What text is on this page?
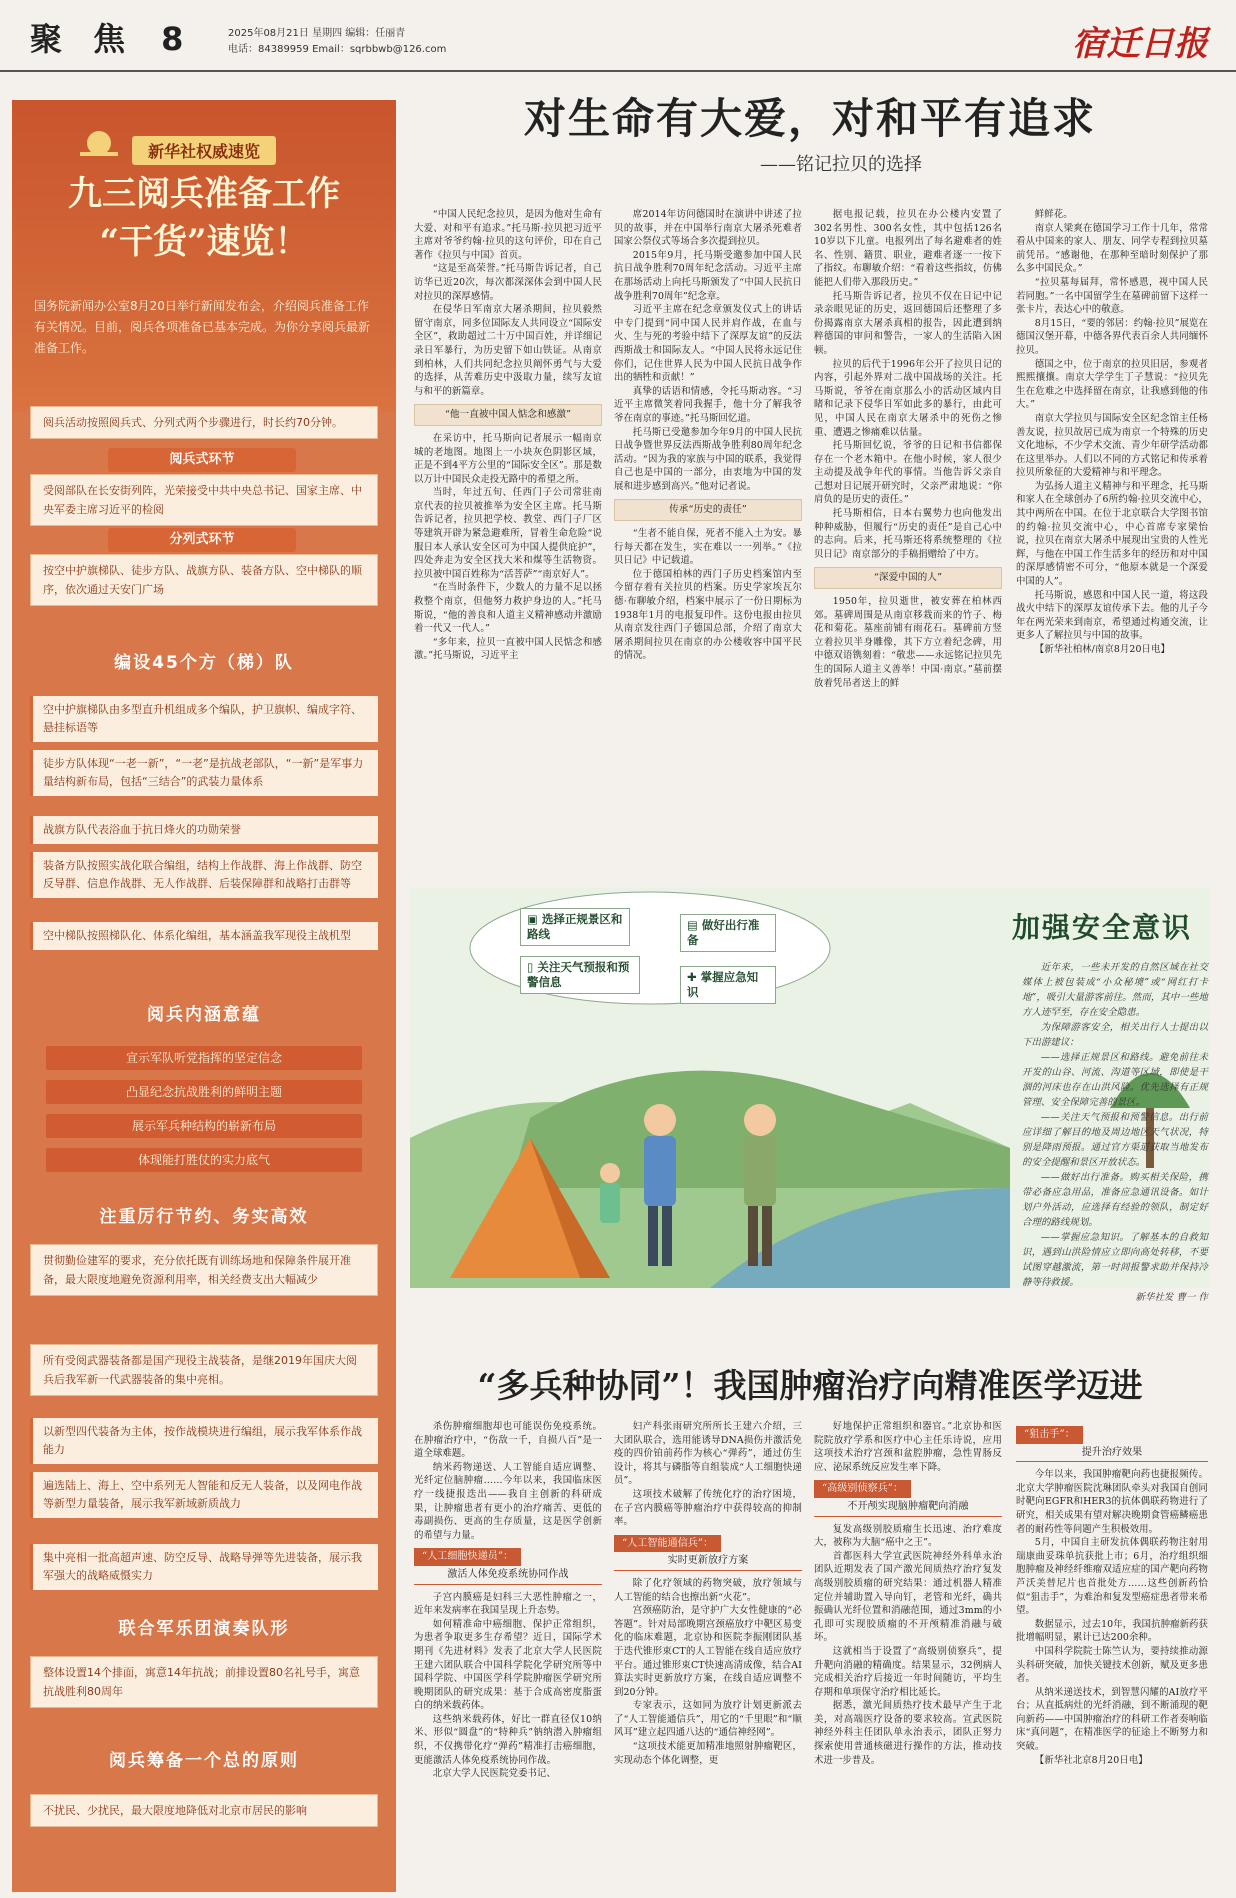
聚 焦 8	2025年08月21日 星期四 编辑：任丽青
电话：84389959 Email：sqrbbwb@126.com	宿迁日报
新华社权威速览
九三阅兵准备工作
“干货”速览！
国务院新闻办公室8月20日举行新闻发布会，介绍阅兵准备工作有关情况。目前，阅兵各项准备已基本完成。为你分享阅兵最新准备工作。
阅兵活动按照阅兵式、分列式两个步骤进行，时长约70分钟。
阅兵式环节
受阅部队在长安街列阵，光荣接受中共中央总书记、国家主席、中央军委主席习近平的检阅
分列式环节
按空中护旗梯队、徒步方队、战旗方队、装备方队、空中梯队的顺序，依次通过天安门广场
编设45个方（梯）队
空中护旗梯队由多型直升机组成多个编队，护卫旗帜、编成字符、悬挂标语等
徒步方队体现“一老一新”，“一老”是抗战老部队，“一新”是军事力量结构新布局，包括“三结合”的武装力量体系
战旗方队代表浴血于抗日烽火的功勋荣誉
装备方队按照实战化联合编组，结构上作战群、海上作战群、防空反导群、信息作战群、无人作战群、后装保障群和战略打击群等
空中梯队按照梯队化、体系化编组，基本涵盖我军现役主战机型
阅兵内涵意蕴
宣示军队听党指挥的坚定信念
凸显纪念抗战胜利的鲜明主题
展示军兵种结构的崭新布局
体现能打胜仗的实力底气
注重厉行节约、务实高效
贯彻勤俭建军的要求，充分依托既有训练场地和保障条件展开准备，最大限度地避免资源利用率，相关经费支出大幅减少
所有受阅武器装备都是国产现役主战装备，是继2019年国庆大阅兵后我军新一代武器装备的集中亮相。
以新型四代装备为主体，按作战模块进行编组，展示我军体系作战能力
遍选陆上、海上、空中系列无人智能和反无人装备，以及网电作战等新型力量装备，展示我军新域新质战力
集中亮相一批高超声速、防空反导、战略导弹等先进装备，展示我军强大的战略威慑实力
联合军乐团演奏队形
整体设置14个排面，寓意14年抗战；前排设置80名礼号手，寓意抗战胜利80周年
阅兵筹备一个总的原则
不扰民、少扰民，最大限度地降低对北京市居民的影响
对生命有大爱，对和平有追求
——铭记拉贝的选择

“中国人民纪念拉贝，是因为他对生命有大爱、对和平有追求。”托马斯·拉贝把习近平主席对爷爷约翰·拉贝的这句评价，印在自己著作《拉贝与中国》首页。

“这是至高荣誉。”托马斯告诉记者，自己访华已近20次，每次都深深体会到中国人民对拉贝的深厚感情。

在侵华日军南京大屠杀期间，拉贝毅然留守南京，同多位国际友人共同设立“国际安全区”，救助超过二十万中国百姓，并详细记录日军暴行，为历史留下如山铁证。从南京到柏林，人们共同纪念拉贝阐怀勇气与大爱的选择，从苦难历史中汲取力量，续写友谊与和平的新篇章。

“他一直被中国人惦念和感激”

在采访中，托马斯向记者展示一幅南京城的老地图。地图上一小块灰色阴影区域，正是不到4平方公里的“国际安全区”。那是数以万计中国民众走投无路中的希望之所。

当时，年过五旬、任西门子公司常驻南京代表的拉贝被推举为安全区主席。托马斯告诉记者，拉贝把学校、教堂、西门子厂区等建筑开辟为紧急避难所，冒着生命危险“说服日本人承认安全区可为中国人提供庇护”，四处奔走为安全区找大米和煤等生活物资。拉贝被中国百姓称为“活菩萨”“南京好人”。

“在当时条件下，少数人的力量不足以拯救整个南京，但他努力救护身边的人。”托马斯说，“他的善良和人道主义精神感动并激励着一代又一代人。”

“多年来，拉贝一直被中国人民惦念和感激。”托马斯说，习近平主

席2014年访问德国时在演讲中讲述了拉贝的故事，并在中国举行南京大屠杀死难者国家公祭仪式等场合多次提到拉贝。

2015年9月，托马斯受邀参加中国人民抗日战争胜利70周年纪念活动。习近平主席在那场活动上向托马斯颁发了“中国人民抗日战争胜利70周年”纪念章。

习近平主席在纪念章颁发仪式上的讲话中专门提到“同中国人民并肩作战，在血与火、生与死的考验中结下了深厚友谊”的反法西斯战士和国际友人。“中国人民将永远记住你们，记住世界人民为中国人民抗日战争作出的牺牲和贡献！”

真挚的话语和情感，令托马斯动容。“习近平主席微笑着同我握手，他十分了解我爷爷在南京的事迹。”托马斯回忆道。

托马斯已受邀参加今年9月的中国人民抗日战争暨世界反法西斯战争胜利80周年纪念活动。“因为我的家族与中国的联系，我觉得自己也是中国的一部分，由衷地为中国的发展和进步感到高兴。”他对记者说。

传承“历史的责任”

“生者不能自保，死者不能入土为安。暴行每天都在发生，实在难以一一列举。”《拉贝日记》中记载道。

位于德国柏林的西门子历史档案馆内至今留存着有关拉贝的档案。历史学家埃瓦尔德·布聊敏介绍，档案中展示了一份日期标为1938年1月的电报复印件。这份电报由拉贝从南京发往西门子德国总部，介绍了南京大屠杀期间拉贝在南京的办公楼收容中国平民的情况。

据电报记载，拉贝在办公楼内安置了302名男性、300名女性，其中包括126名10岁以下儿童。电报列出了每名避难者的姓名、性别、籍贯、职业，避难者逐一一按下了指纹。布聊敏介绍：“看着这些指纹，仿佛能把人们带入那段历史。”

托马斯告诉记者，拉贝不仅在日记中记录亲眼见证的历史，返回德国后还整理了多份揭露南京大屠杀真相的报告，因此遭到纳粹德国的审问和警告，一家人的生活陷入困顿。

拉贝的后代于1996年公开了拉贝日记的内容，引起外界对二战中国战场的关注。托马斯说，爷爷在南京那么小的活动区域内目睹和记录下侵华日军如此多的暴行，由此可见，中国人民在南京大屠杀中的死伤之惨重、遭遇之惨痛难以估量。

托马斯回忆说，爷爷的日记和书信都保存在一个老木箱中。在他小时候，家人很少主动提及战争年代的事情。当他告诉父亲自己想对日记展开研究时，父亲严肃地说：“你肩负的是历史的责任。”

托马斯相信，日本右翼势力也向他发出种种威胁，但履行“历史的责任”是自己心中的志向。后来，托马斯还将系统整理的《拉贝日记》南京部分的手稿捐赠给了中方。

“深爱中国的人”

1950年，拉贝逝世，被安葬在柏林西郊。墓碑周围是从南京移栽而来的竹子、梅花和菊花。墓座前铺有雨花石。墓碑前方竖立着拉贝半身雕像，其下方立着纪念碑，用中德双语镌刻着：“敬悲——永远铭记拉贝先生的国际人道主义善举！中国·南京。”墓前摆放着凭吊者送上的鲜

鲜鲜花。

南京人梁爽在德国学习工作十几年，常常看从中国来的家人、朋友、同学专程到拉贝墓前凭吊。“感谢他，在那种至暗时刻保护了那么多中国民众。”

“拉贝墓每届拜，常怀感恩，视中国人民若同胞。”一名中国留学生在墓碑前留下这样一张卡片，表达心中的敬意。

8月15日，“要的邻居：约翰·拉贝”展览在德国汉堡开幕，中德各界代表百余人共同缅怀拉贝。

德国之中，位于南京的拉贝旧居，参观者熙熙攘攘。南京大学学生丁子慧说：“拉贝先生在危难之中选择留在南京，让我感到他的伟大。”

南京大学拉贝与国际安全区纪念馆主任杨善友说，拉贝故居已成为南京一个特殊的历史文化地标，不少学术交流、青少年研学活动都在这里举办。人们以不同的方式铭记和传承着拉贝所象征的大爱精神与和平理念。

为弘扬人道主义精神与和平理念，托马斯和家人在全球创办了6所约翰·拉贝交流中心，其中两所在中国。在位于北京联合大学图书馆的约翰·拉贝交流中心，中心首席专家梁怡说，拉贝在南京大屠杀中展现出宝贵的人性光辉，与他在中国工作生活多年的经历和对中国的深厚感情密不可分，“他原本就是一个深爱中国的人”。

托马斯说，感恩和中国人民一道，将这段战火中结下的深厚友谊传承下去。他的儿子今年在两光荣来到南京，希望通过构通交流，让更多人了解拉贝与中国的故事。

【新华社柏林/南京8月20日电】

▣ 选择正规景区和路线
▤ 做好出行准备
▯ 关注天气预报和预警信息	✚ 掌握应急知识
加强安全意识

近年来，一些未开发的自然区域在社交媒体上被包装成“小众秘境”或“网红打卡地”，吸引大量游客前往。然而，其中一些地方人迹罕至，存在安全隐患。

为保障游客安全，相关出行人士提出以下出游建议：

——选择正规景区和路线。避免前往未开发的山谷、河流、沟道等区域，即使是干涸的河床也存在山洪风险。优先选择有正规管理、安全保障完善的景区。

——关注天气预报和预警信息。出行前应详细了解目的地及周边地区天气状况，特别是降雨预报。通过官方渠道获取当地发布的安全提醒和景区开放状态。

——做好出行准备。购买相关保险，携带必备应急用品，准备应急通讯设备。如计划户外活动，应选择有经验的领队，制定好合理的路线规划。

——掌握应急知识。了解基本的自救知识，遇到山洪险情应立即向高处转移，不要试图穿越激流，第一时间报警求助并保持冷静等待救援。

新华社发 曹一 作

“多兵种协同”！我国肿瘤治疗向精准医学迈进

杀伤肿瘤细胞却也可能误伤免疫系统。在肿瘤治疗中，“伤敌一千，自损八百”是一道全球难题。

纳米药物递送、人工智能自适应调整、光纤定位脑肿瘤……今年以来，我国临床医疗一线捷报迭出——我自主创新的科研成果，让肿瘤患者有更小的治疗痛苦、更低的毒副损伤、更高的生存质量，这是医学创新的希望与力量。

“人工细胞快递员”：

激活人体免疫系统协同作战

子宫内膜癌是妇科三大恶性肿瘤之一，近年来发病率在我国呈现上升态势。

如何精准命中癌细胞、保护正常组织，为患者争取更多生存希望？近日，国际学术期刊《先进材料》发表了北京大学人民医院王建六团队联合中国科学院化学研究所等中国科学院、中国医学科学院肿瘤医学研究所晚期团队的研究成果：基于合成高密度脂蛋白的纳米载药体。

这些纳米载药体，好比一群直径仅10纳米、形似“圆盘”的“特种兵”钠纳潜入肿瘤组织，不仅携带化疗“弹药”精准打击癌细胞，更能激活人体免疫系统协同作战。

北京大学人民医院党委书记、

妇产科张雨研究所所长王建六介绍，三大团队联合，选用能诱导DNA损伤并激活免疫的四价铂前药作为核心“弹药”，通过仿生设计，将其与磷脂等自组装成“人工细胞快递员”。

这项技术破解了传统化疗的治疗困境，在子宫内膜癌等肿瘤治疗中获得较高的抑制率。

“人工智能通信兵”：

实时更新放疗方案

除了化疗领域的药物突破，放疗领域与人工智能的结合也擦出新“火花”。

宫颈癌防治，是守护广大女性健康的“必答题”。针对局部晚期宫颈癌放疗中靶区易变化的临床难题，北京协和医院李振刚团队基于迭代锥形束CT的人工智能在线自适应放疗平台。通过锥形束CT快速高清成像，结合AI算法实时更新放疗方案，在线自适应调整不到20分钟。

专家表示，这如同为放疗计划更新派去了“人工智能通信兵”，用它的“千里眼”和“顺风耳”建立起四通八达的“通信神经网”。

“这项技术能更加精准地照射肿瘤靶区，实现动态个体化调整，更

好地保护正常组织和器官。”北京协和医院院放疗学系和医疗中心主任乐诗说，应用这项技术治疗宫颈和盆腔肿瘤，急性胃肠反应、泌尿系统反应发生率下降。

“高级别侦察兵”：

不开颅实现脑肿瘤靶向消融

复发高级别胶质瘤生长迅速、治疗难度大，被称为大脑“癌中之王”。

首都医科大学宣武医院神经外科单永治团队近期发表了国产激光间质热疗治疗复发高级别胶质瘤的研究结果：通过机器人精准定位并辅助置入导向钉，老管和光纤，确共振确认光纤位置和消融范围，通过3mm的小孔即可实现胶质瘤的不开颅精准消融与破坏。

这就相当于设置了“高级别侦察兵”，提升靶向消融的精确度。结果显示，32例病人完成相关治疗后接近一年时间随访，平均生存期和单项保守治疗相比延长。

据悉，激光间质热疗技术最早产生于北美，对高端医疗设备的要求较高。宣武医院神经外科主任团队单永治表示，团队正努力探索使用普通核磁进行操作的方法，推动技术进一步普及。

“狙击手”：

提升治疗效果

今年以来，我国肿瘤靶向药也捷报频传。北京大学肿瘤医院沈琳团队牵头对我国自创同时靶向EGFR和HER3的抗体偶联药物进行了研究，相关成果有望对解决晚期食管癌鳞癌患者的耐药性等问题产生积极效用。

5月，中国自主研发抗体偶联药物注射用瑞康曲妥珠单抗获批上市；6月，治疗组织细胞肿瘤及神经纤维瘤双适应症的国产靶向药物芦沃美替尼片也首批处方……这些创新药恰似“狙击手”，为难治和复发型癌症患者带来希望。

数据显示，过去10年，我国抗肿瘤新药获批增幅明显，累计已达200余种。

中国科学院院士陈竺认为，要持续推动源头科研突破，加快关键技术创新，赋及更多患者。

从纳米递送技术，到智慧闪耀的AI放疗平台；从直抵病灶的光纤消融，到不断涌现的靶向新药——中国肿瘤治疗的科研工作者奏响临床“真问题”，在精准医学的征途上不断努力和突破。

【新华社北京8月20日电】
